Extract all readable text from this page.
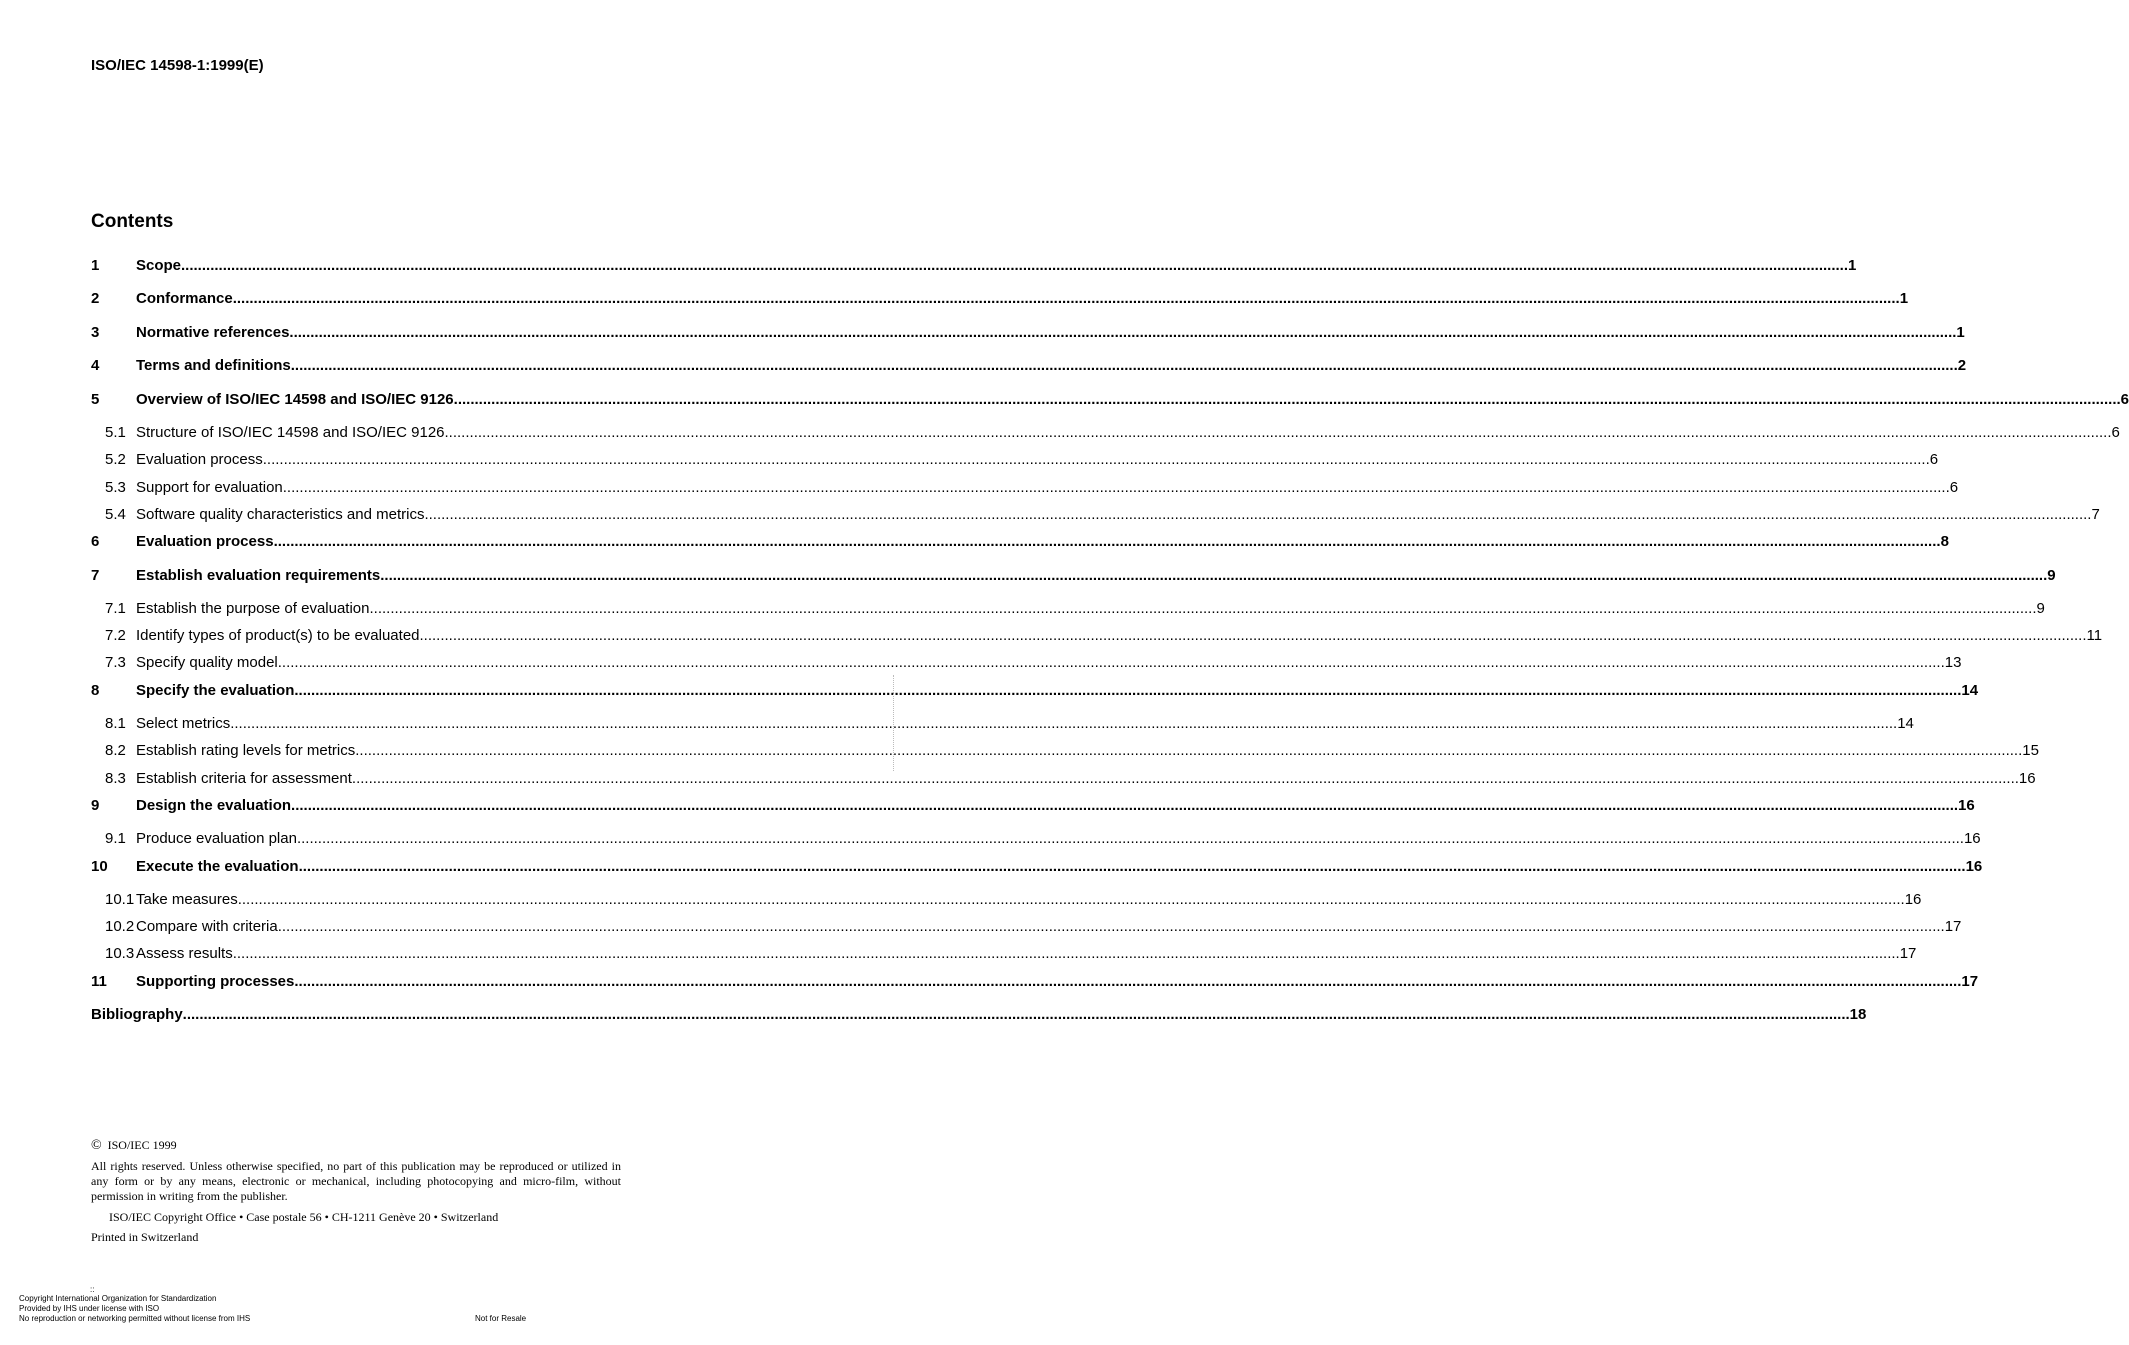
ISO/IEC 14598-1:1999(E)
Contents
1	Scope ................................................................................................................................................................................................................................................................................................................................................................................................................ 1
2	Conformance ................................................................................................................................................................................................................................................................................................................................................................................................................ 1
3	Normative references ................................................................................................................................................................................................................................................................................................................................................................................................................ 1
4	Terms and definitions ................................................................................................................................................................................................................................................................................................................................................................................................................ 2
5	Overview of ISO/IEC 14598 and ISO/IEC 9126 ................................................................................................................................................................................................................................................................................................................................................................................................................ 6
5.1 Structure of ISO/IEC 14598 and ISO/IEC 9126 ................................................................................................................................................................................................................................................................................................................................................................................................................ 6
5.2 Evaluation process ................................................................................................................................................................................................................................................................................................................................................................................................................ 6
5.3 Support for evaluation ................................................................................................................................................................................................................................................................................................................................................................................................................ 6
5.4 Software quality characteristics and metrics ................................................................................................................................................................................................................................................................................................................................................................................................................ 7
6	Evaluation process ................................................................................................................................................................................................................................................................................................................................................................................................................ 8
7	Establish evaluation requirements ................................................................................................................................................................................................................................................................................................................................................................................................................ 9
7.1 Establish the purpose of evaluation ................................................................................................................................................................................................................................................................................................................................................................................................................ 9
7.2 Identify types of product(s) to be evaluated ................................................................................................................................................................................................................................................................................................................................................................................................................ 11
7.3 Specify quality model ................................................................................................................................................................................................................................................................................................................................................................................................................ 13
8	Specify the evaluation ................................................................................................................................................................................................................................................................................................................................................................................................................ 14
8.1 Select metrics ................................................................................................................................................................................................................................................................................................................................................................................................................ 14
8.2 Establish rating levels for metrics ................................................................................................................................................................................................................................................................................................................................................................................................................ 15
8.3 Establish criteria for assessment ................................................................................................................................................................................................................................................................................................................................................................................................................ 16
9	Design the evaluation ................................................................................................................................................................................................................................................................................................................................................................................................................ 16
9.1 Produce evaluation plan ................................................................................................................................................................................................................................................................................................................................................................................................................ 16
10	Execute the evaluation ................................................................................................................................................................................................................................................................................................................................................................................................................ 16
10.1 Take measures ................................................................................................................................................................................................................................................................................................................................................................................................................ 16
10.2 Compare with criteria ................................................................................................................................................................................................................................................................................................................................................................................................................ 17
10.3 Assess results ................................................................................................................................................................................................................................................................................................................................................................................................................ 17
11	Supporting processes ................................................................................................................................................................................................................................................................................................................................................................................................................ 17
Bibliography ................................................................................................................................................................................................................................................................................................................................................................................................................ 18
© ISO/IEC 1999
All rights reserved. Unless otherwise specified, no part of this publication may be reproduced or utilized in any form or by any means, electronic or mechanical, including photocopying and micro-film, without permission in writing from the publisher.
ISO/IEC Copyright Office • Case postale 56 • CH-1211 Genève 20 • Switzerland
Printed in Switzerland
::
Copyright International Organization for Standardization
Provided by IHS under license with ISO
No reproduction or networking permitted without license from IHS	Not for Resale
